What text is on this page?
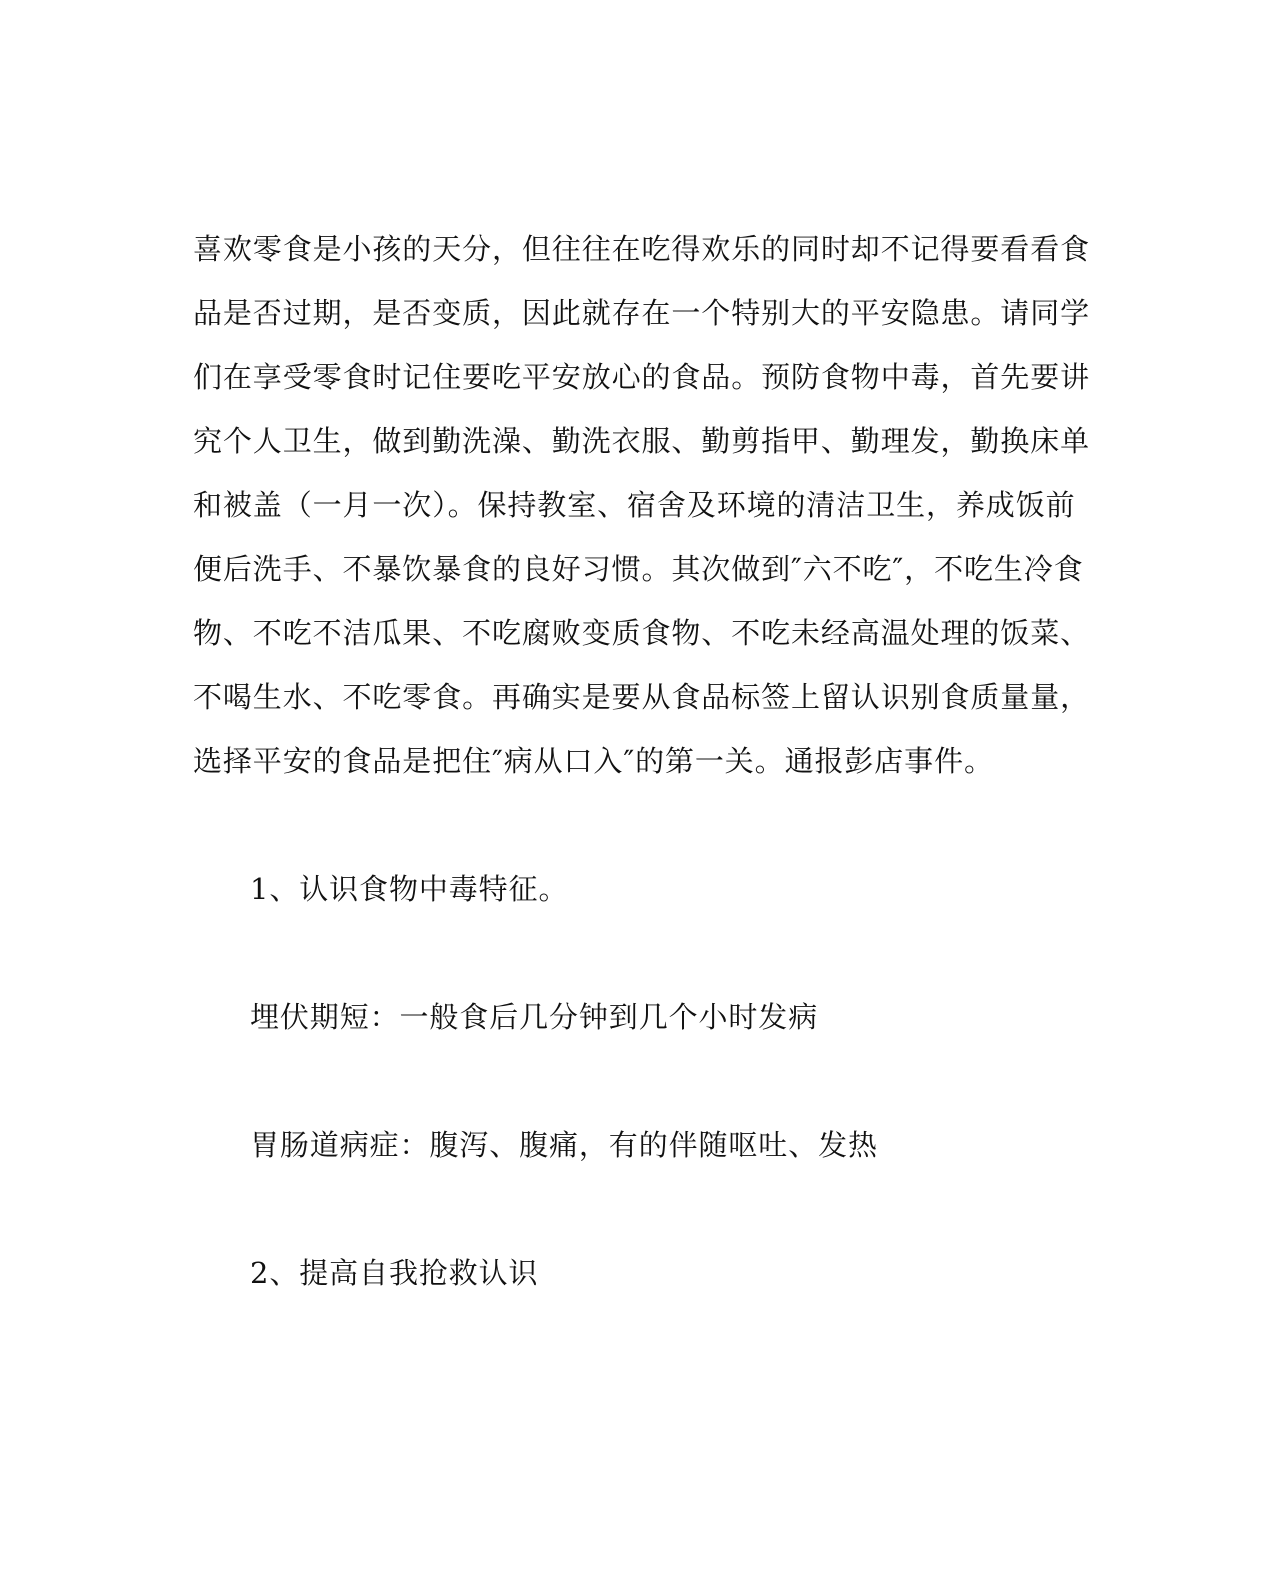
喜欢零食是小孩的天分，但往往在吃得欢乐的同时却不记得要看看食
品是否过期，是否变质，因此就存在一个特别大的平安隐患。请同学
们在享受零食时记住要吃平安放心的食品。预防食物中毒，首先要讲
究个人卫生，做到勤洗澡、勤洗衣服、勤剪指甲、勤理发，勤换床单
和被盖（一月一次）。保持教室、宿舍及环境的清洁卫生，养成饭前
便后洗手、不暴饮暴食的良好习惯。其次做到″六不吃″，不吃生冷食
物、不吃不洁瓜果、不吃腐败变质食物、不吃未经高温处理的饭菜、
不喝生水、不吃零食。再确实是要从食品标签上留认识别食质量量，
选择平安的食品是把住″病从口入″的第一关。通报彭店事件。
1、认识食物中毒特征。
埋伏期短：一般食后几分钟到几个小时发病
胃肠道病症：腹泻、腹痛，有的伴随呕吐、发热
2、提高自我抢救认识
